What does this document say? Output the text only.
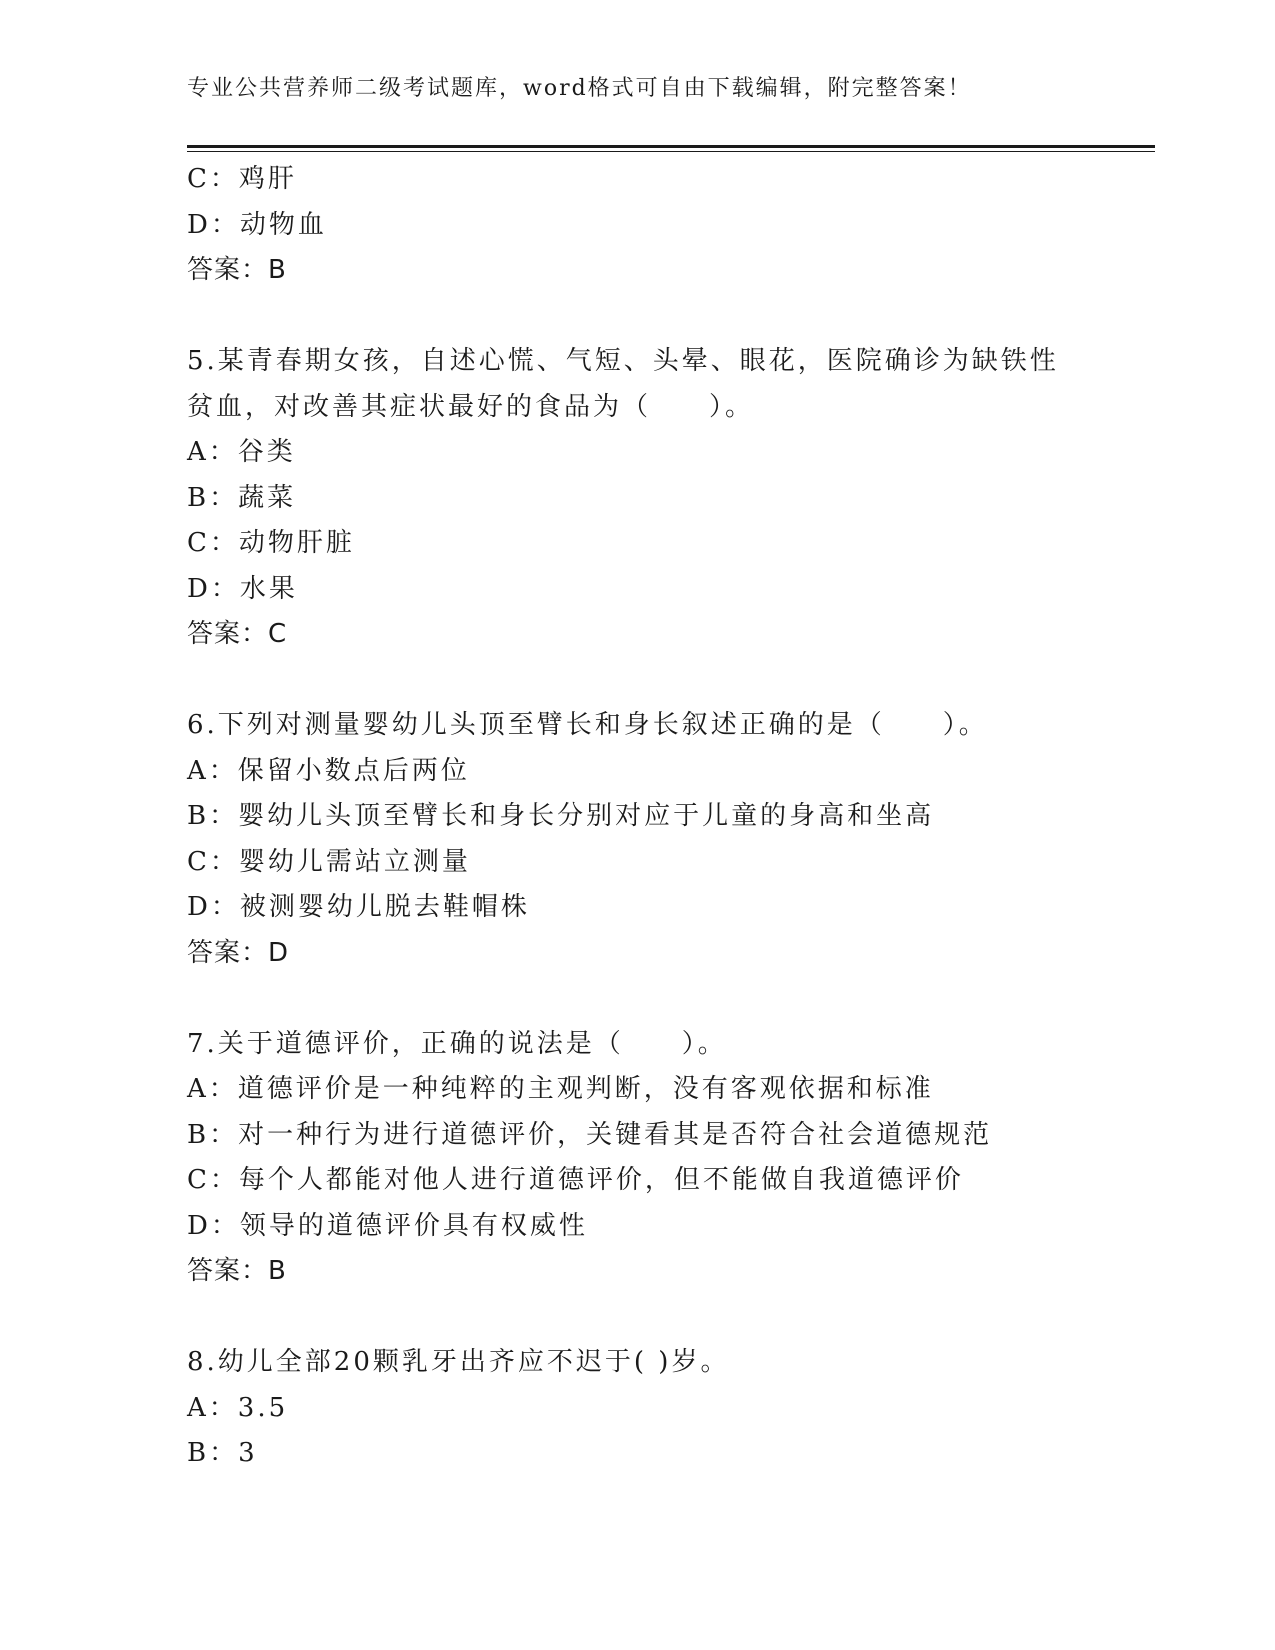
专业公共营养师二级考试题库，word格式可自由下载编辑，附完整答案！
C：鸡肝
D：动物血
答案：B
5.某青春期女孩，自述心慌、气短、头晕、眼花，医院确诊为缺铁性
贫血，对改善其症状最好的食品为（　　）。
A：谷类
B：蔬菜
C：动物肝脏
D：水果
答案：C
6.下列对测量婴幼儿头顶至臂长和身长叙述正确的是（　　）。
A：保留小数点后两位
B：婴幼儿头顶至臂长和身长分别对应于儿童的身高和坐高
C：婴幼儿需站立测量
D：被测婴幼儿脱去鞋帽株
答案：D
7.关于道德评价，正确的说法是（　　）。
A：道德评价是一种纯粹的主观判断，没有客观依据和标准
B：对一种行为进行道德评价，关键看其是否符合社会道德规范
C：每个人都能对他人进行道德评价，但不能做自我道德评价
D：领导的道德评价具有权威性
答案：B
8.幼儿全部20颗乳牙出齐应不迟于( )岁。
A：3.5
B：3
